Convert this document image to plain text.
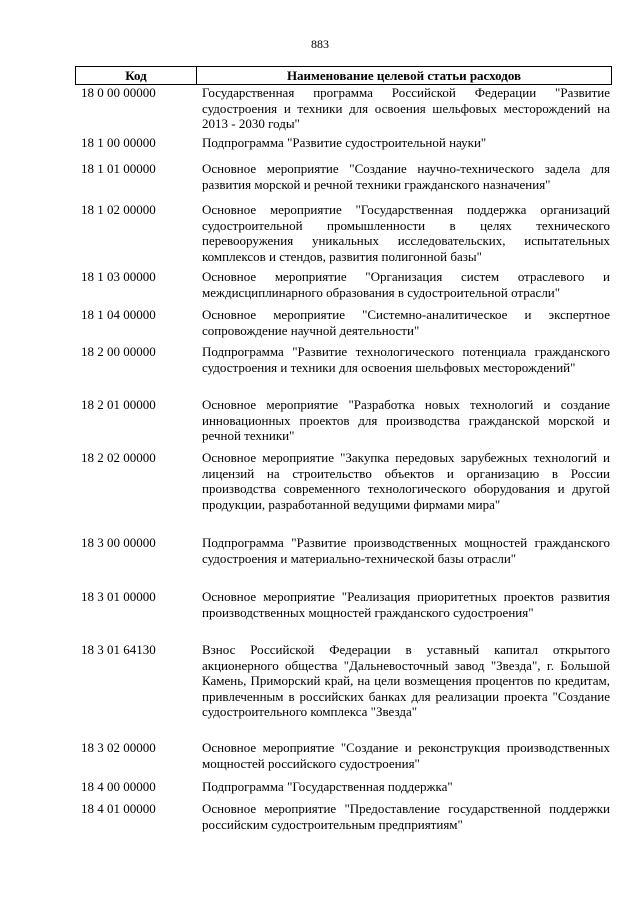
883
Код	Наименование целевой статьи расходов
18 0 00 00000	Государственная программа Российской Федерации "Развитие судостроения и техники для освоения шельфовых месторождений на 2013 - 2030 годы"
18 1 00 00000	Подпрограмма "Развитие судостроительной науки"
18 1 01 00000	Основное мероприятие "Создание научно-технического задела для развития морской и речной техники гражданского назначения"
18 1 02 00000	Основное мероприятие "Государственная поддержка организаций судостроительной промышленности в целях технического перевооружения уникальных исследовательских, испытательных комплексов и стендов, развития полигонной базы"
18 1 03 00000	Основное мероприятие "Организация систем отраслевого и междисциплинарного образования в судостроительной отрасли"
18 1 04 00000	Основное мероприятие "Системно-аналитическое и экспертное сопровождение научной деятельности"
18 2 00 00000	Подпрограмма "Развитие технологического потенциала гражданского судостроения и техники для освоения шельфовых месторождений"
18 2 01 00000	Основное мероприятие "Разработка новых технологий и создание инновационных проектов для производства гражданской морской и речной техники"
18 2 02 00000	Основное мероприятие "Закупка передовых зарубежных технологий и лицензий на строительство объектов и организацию в России производства современного технологического оборудования и другой продукции, разработанной ведущими фирмами мира"
18 3 00 00000	Подпрограмма "Развитие производственных мощностей гражданского судостроения и материально-технической базы отрасли"
18 3 01 00000	Основное мероприятие "Реализация приоритетных проектов развития производственных мощностей гражданского судостроения"
18 3 01 64130	Взнос Российской Федерации в уставный капитал открытого акционерного общества "Дальневосточный завод "Звезда", г. Большой Камень, Приморский край, на цели возмещения процентов по кредитам, привлеченным в российских банках для реализации проекта "Создание судостроительного комплекса "Звезда"
18 3 02 00000	Основное мероприятие "Создание и реконструкция производственных мощностей российского судостроения"
18 4 00 00000	Подпрограмма "Государственная поддержка"
18 4 01 00000	Основное мероприятие "Предоставление государственной поддержки российским судостроительным предприятиям"
